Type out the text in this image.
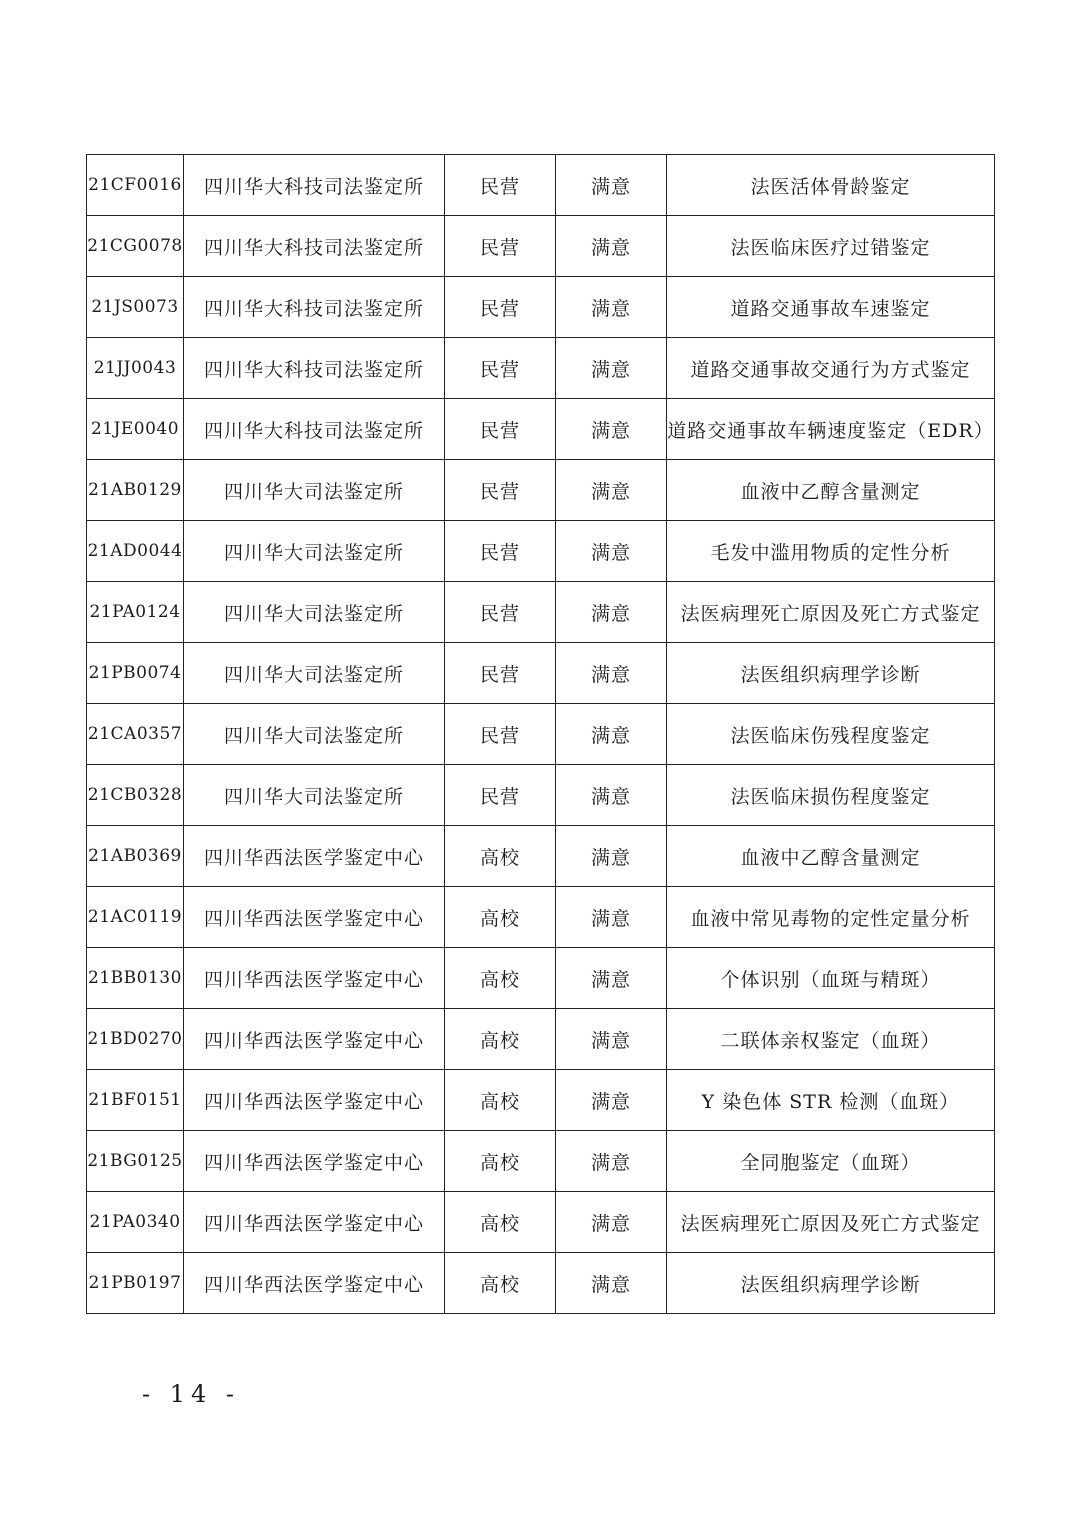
21CF0016	四川华大科技司法鉴定所	民营	满意	法医活体骨龄鉴定
21CG0078	四川华大科技司法鉴定所	民营	满意	法医临床医疗过错鉴定
21JS0073	四川华大科技司法鉴定所	民营	满意	道路交通事故车速鉴定
21JJ0043	四川华大科技司法鉴定所	民营	满意	道路交通事故交通行为方式鉴定
21JE0040	四川华大科技司法鉴定所	民营	满意	道路交通事故车辆速度鉴定（EDR）
21AB0129	四川华大司法鉴定所	民营	满意	血液中乙醇含量测定
21AD0044	四川华大司法鉴定所	民营	满意	毛发中滥用物质的定性分析
21PA0124	四川华大司法鉴定所	民营	满意	法医病理死亡原因及死亡方式鉴定
21PB0074	四川华大司法鉴定所	民营	满意	法医组织病理学诊断
21CA0357	四川华大司法鉴定所	民营	满意	法医临床伤残程度鉴定
21CB0328	四川华大司法鉴定所	民营	满意	法医临床损伤程度鉴定
21AB0369	四川华西法医学鉴定中心	高校	满意	血液中乙醇含量测定
21AC0119	四川华西法医学鉴定中心	高校	满意	血液中常见毒物的定性定量分析
21BB0130	四川华西法医学鉴定中心	高校	满意	个体识别（血斑与精斑）
21BD0270	四川华西法医学鉴定中心	高校	满意	二联体亲权鉴定（血斑）
21BF0151	四川华西法医学鉴定中心	高校	满意	Y 染色体 STR 检测（血斑）
21BG0125	四川华西法医学鉴定中心	高校	满意	全同胞鉴定（血斑）
21PA0340	四川华西法医学鉴定中心	高校	满意	法医病理死亡原因及死亡方式鉴定
21PB0197	四川华西法医学鉴定中心	高校	满意	法医组织病理学诊断
- 14 -
